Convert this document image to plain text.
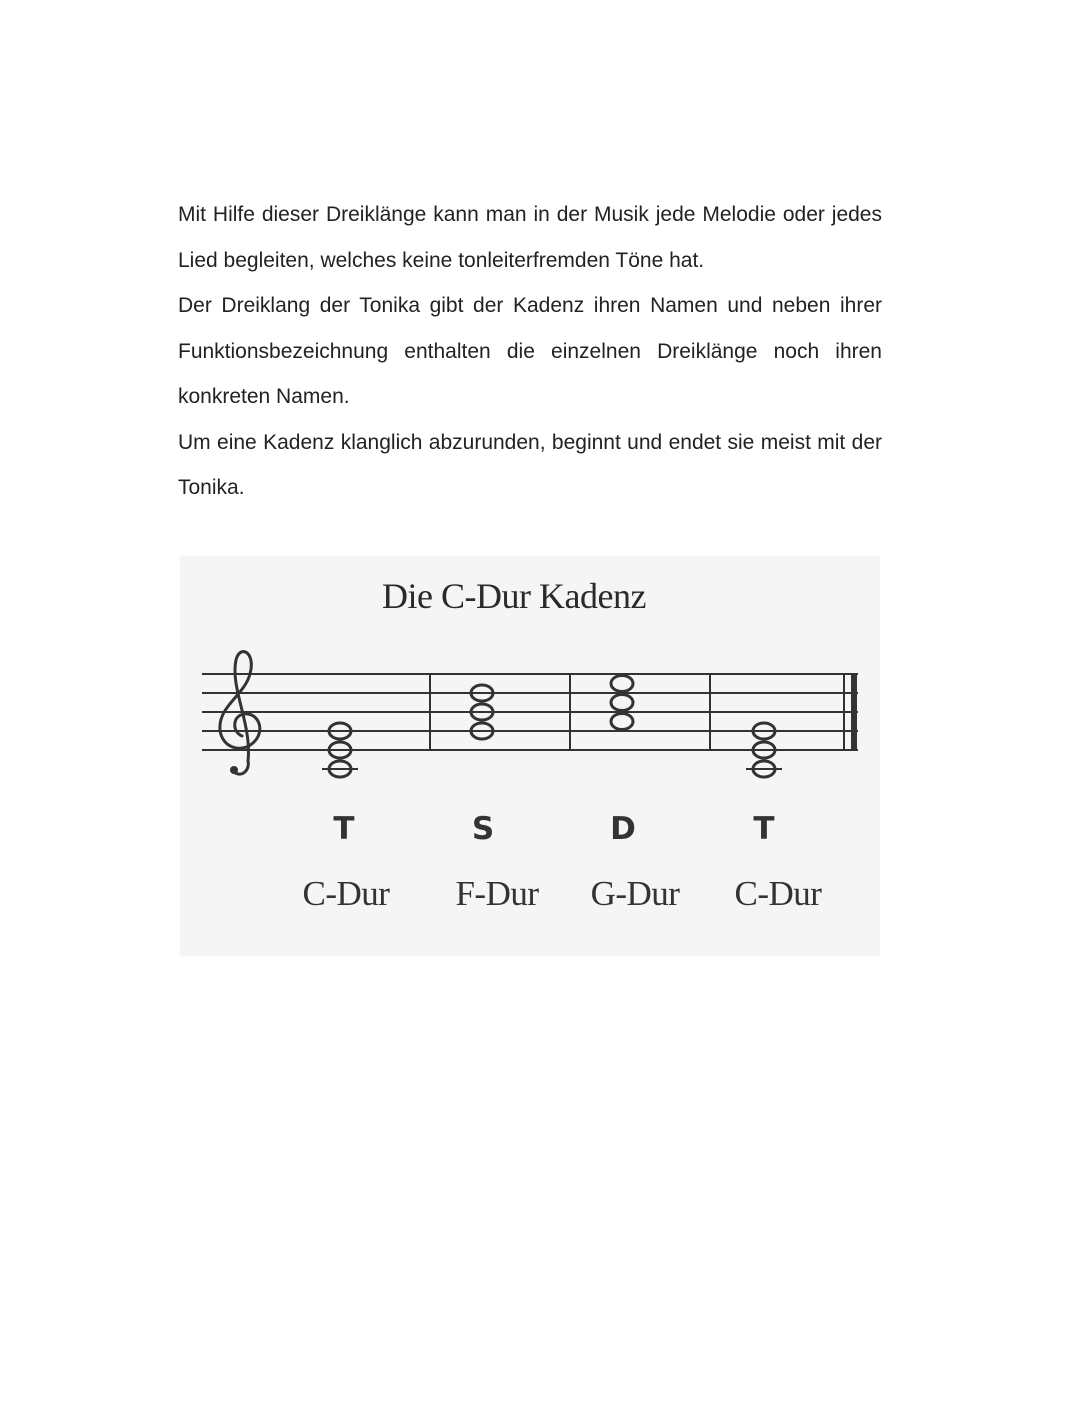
Mit Hilfe dieser Dreiklänge kann man in der Musik jede Melodie oder jedes Lied begleiten, welches keine tonleiterfremden Töne hat.

Der Dreiklang der Tonika gibt der Kadenz ihren Namen und neben ihrer Funktionsbezeichnung enthalten die einzelnen Dreiklänge noch ihren konkreten Namen.

Um eine Kadenz klanglich abzurunden, beginnt und endet sie meist mit der Tonika.

Die C-Dur Kadenz
T	S	D	T
C-Dur	F-Dur	G-Dur	C-Dur
